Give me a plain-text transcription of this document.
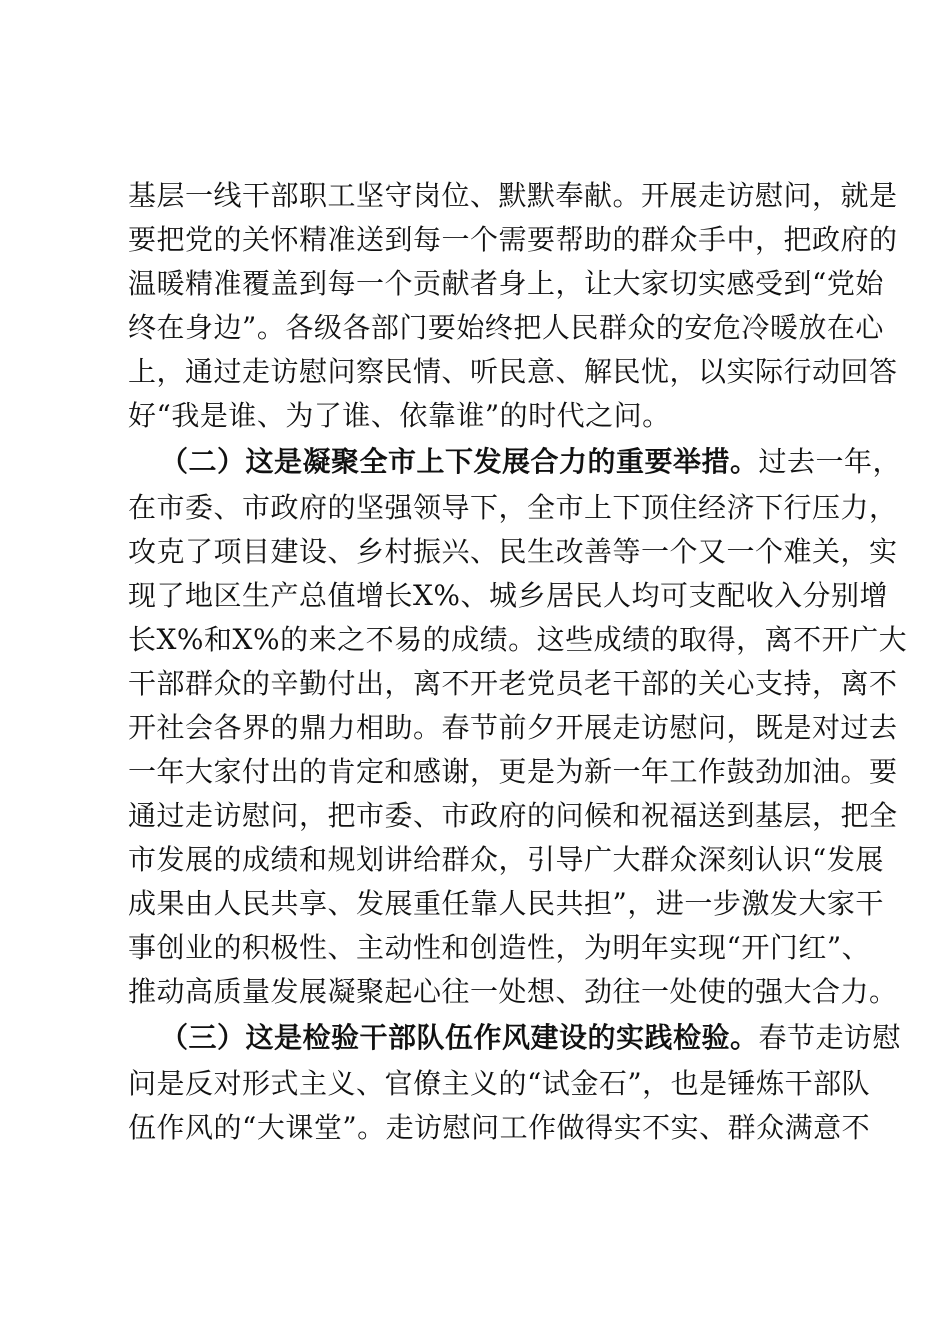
基层一线干部职工坚守岗位、默默奉献。开展走访慰问，就是
要把党的关怀精准送到每一个需要帮助的群众手中，把政府的
温暖精准覆盖到每一个贡献者身上，让大家切实感受到“党始
终在身边”。各级各部门要始终把人民群众的安危冷暖放在心
上，通过走访慰问察民情、听民意、解民忧，以实际行动回答
好“我是谁、为了谁、依靠谁”的时代之问。
（二）这是凝聚全市上下发展合力的重要举措。过去一年，
在市委、市政府的坚强领导下，全市上下顶住经济下行压力，
攻克了项目建设、乡村振兴、民生改善等一个又一个难关，实
现了地区生产总值增长X%、城乡居民人均可支配收入分别增
长X%和X%的来之不易的成绩。这些成绩的取得，离不开广大
干部群众的辛勤付出，离不开老党员老干部的关心支持，离不
开社会各界的鼎力相助。春节前夕开展走访慰问，既是对过去
一年大家付出的肯定和感谢，更是为新一年工作鼓劲加油。要
通过走访慰问，把市委、市政府的问候和祝福送到基层，把全
市发展的成绩和规划讲给群众，引导广大群众深刻认识“发展
成果由人民共享、发展重任靠人民共担”，进一步激发大家干
事创业的积极性、主动性和创造性，为明年实现“开门红”、
推动高质量发展凝聚起心往一处想、劲往一处使的强大合力。
（三）这是检验干部队伍作风建设的实践检验。春节走访慰
问是反对形式主义、官僚主义的“试金石”，也是锤炼干部队
伍作风的“大课堂”。走访慰问工作做得实不实、群众满意不
